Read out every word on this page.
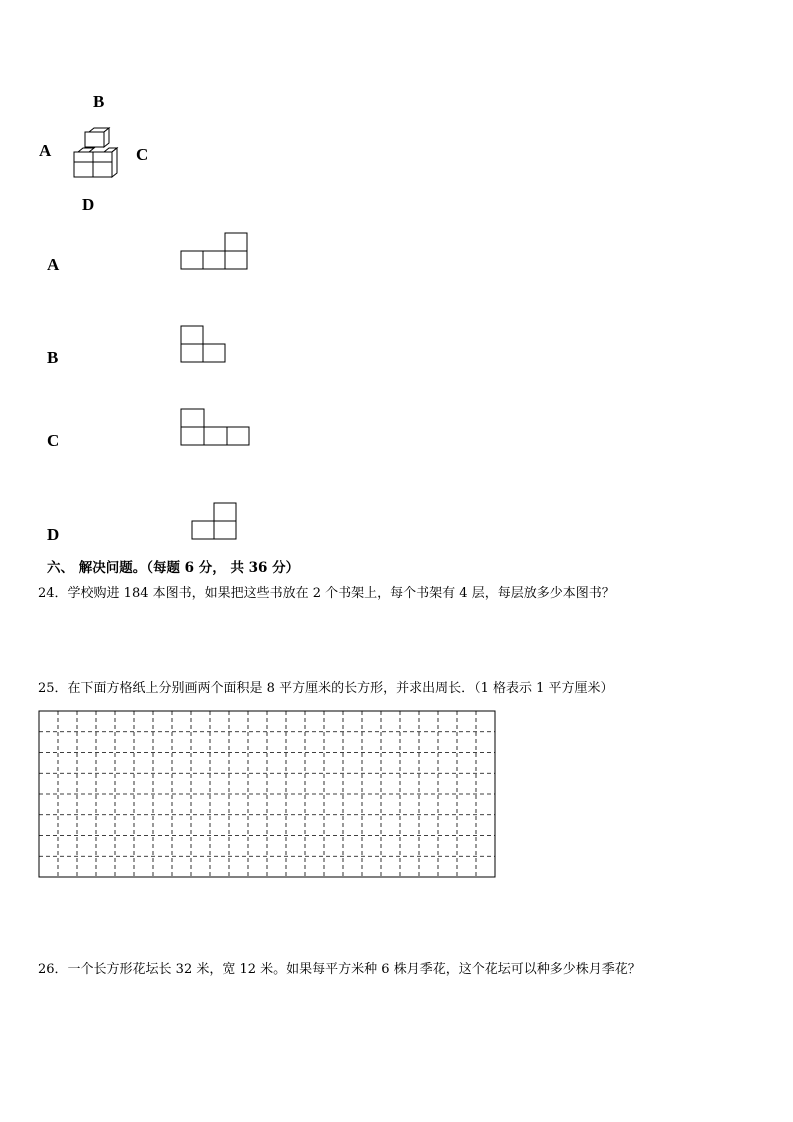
B
A	C
D
A
B
C
D
六、 解决问题。（每题 6 分， 共 36 分）
24．学校购进 184 本图书，如果把这些书放在 2 个书架上，每个书架有 4 层，每层放多少本图书？
25．在下面方格纸上分别画两个面积是 8 平方厘米的长方形，并求出周长．（1 格表示 1 平方厘米）
26．一个长方形花坛长 32 米，宽 12 米。如果每平方米种 6 株月季花，这个花坛可以种多少株月季花？
